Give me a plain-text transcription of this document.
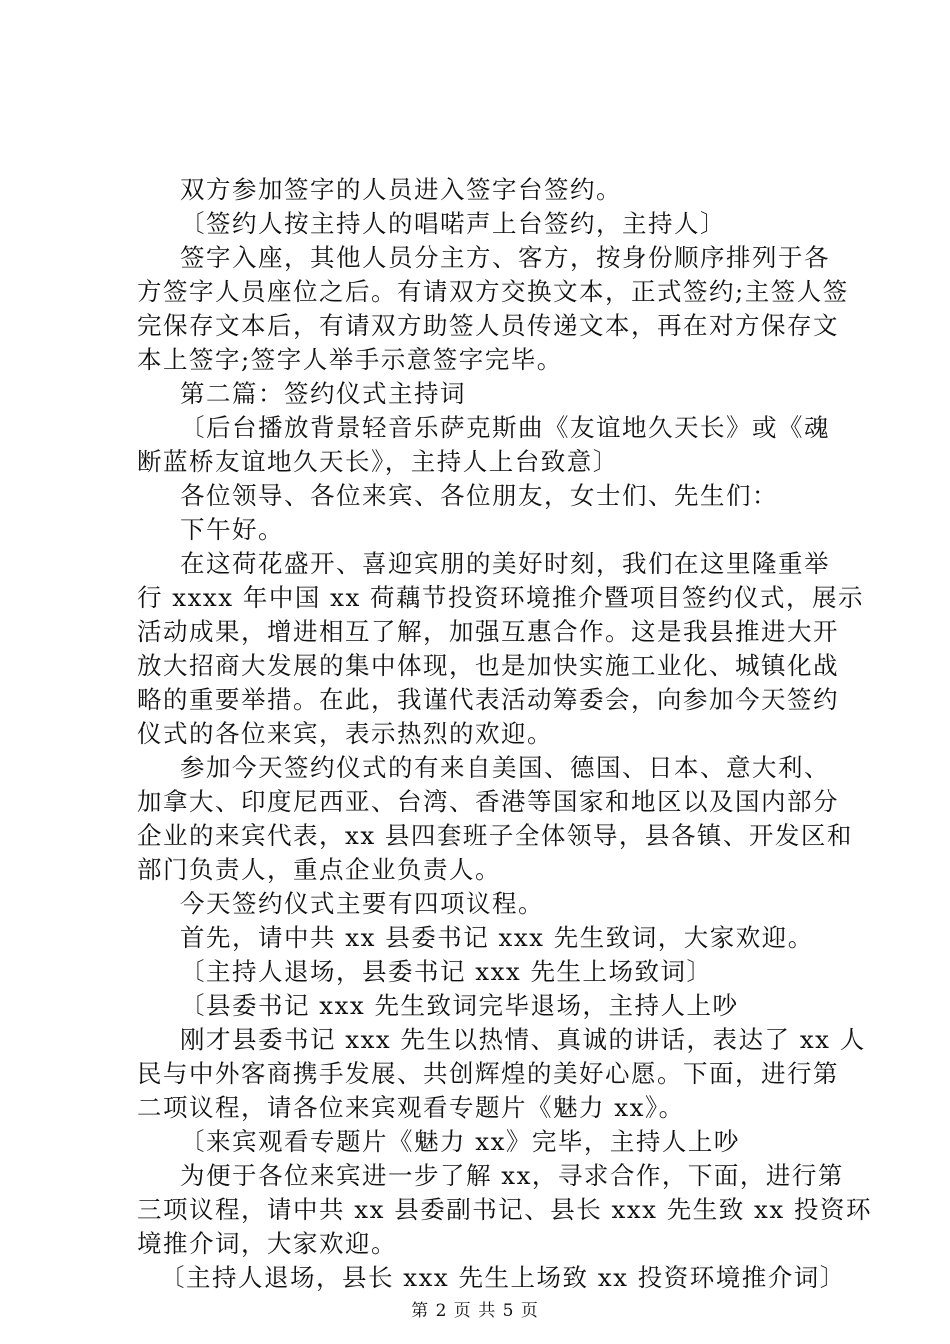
双方参加签字的人员进入签字台签约。
〔签约人按主持人的唱喏声上台签约，主持人〕
签字入座，其他人员分主方、客方，按身份顺序排列于各
方签字人员座位之后。有请双方交换文本，正式签约;主签人签
完保存文本后，有请双方助签人员传递文本，再在对方保存文
本上签字;签字人举手示意签字完毕。
第二篇：签约仪式主持词
〔后台播放背景轻音乐萨克斯曲《友谊地久天长》或《魂
断蓝桥友谊地久天长》，主持人上台致意〕
各位领导、各位来宾、各位朋友，女士们、先生们：
下午好。
在这荷花盛开、喜迎宾朋的美好时刻，我们在这里隆重举
行 xxxx 年中国 xx 荷藕节投资环境推介暨项目签约仪式，展示
活动成果，增进相互了解，加强互惠合作。这是我县推进大开
放大招商大发展的集中体现，也是加快实施工业化、城镇化战
略的重要举措。在此，我谨代表活动筹委会，向参加今天签约
仪式的各位来宾，表示热烈的欢迎。
参加今天签约仪式的有来自美国、德国、日本、意大利、
加拿大、印度尼西亚、台湾、香港等国家和地区以及国内部分
企业的来宾代表，xx 县四套班子全体领导，县各镇、开发区和
部门负责人，重点企业负责人。
今天签约仪式主要有四项议程。
首先，请中共 xx 县委书记 xxx 先生致词，大家欢迎。
〔主持人退场，县委书记 xxx 先生上场致词〕
〔县委书记 xxx 先生致词完毕退场，主持人上吵
刚才县委书记 xxx 先生以热情、真诚的讲话，表达了 xx 人
民与中外客商携手发展、共创辉煌的美好心愿。下面，进行第
二项议程，请各位来宾观看专题片《魅力 xx》。
〔来宾观看专题片《魅力 xx》完毕，主持人上吵
为便于各位来宾进一步了解 xx，寻求合作，下面，进行第
三项议程，请中共 xx 县委副书记、县长 xxx 先生致 xx 投资环
境推介词，大家欢迎。
〔主持人退场，县长 xxx 先生上场致 xx 投资环境推介词〕
第 2 页 共 5 页
